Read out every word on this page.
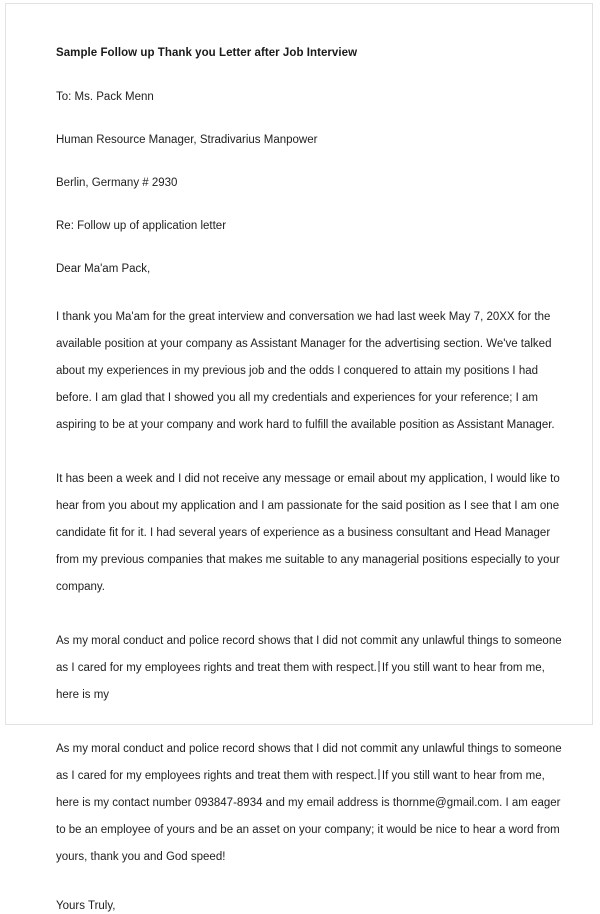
Sample Follow up Thank you Letter after Job Interview

To: Ms. Pack Menn

Human Resource Manager, Stradivarius Manpower

Berlin, Germany # 2930

Re: Follow up of application letter

Dear Ma'am Pack,

I thank you Ma'am for the great interview and conversation we had last week May 7, 20XX for the available position at your company as Assistant Manager for the advertising section. We've talked about my experiences in my previous job and the odds I conquered to attain my positions I had before. I am glad that I showed you all my credentials and experiences for your reference; I am aspiring to be at your company and work hard to fulfill the available position as Assistant Manager.

It has been a week and I did not receive any message or email about my application, I would like to hear from you about my application and I am passionate for the said position as I see that I am one candidate fit for it. I had several years of experience as a business consultant and Head Manager from my previous companies that makes me suitable to any managerial positions especially to your company.

As my moral conduct and police record shows that I did not commit any unlawful things to someone as I cared for my employees rights and treat them with respect. If you still want to hear from me, here is my

As my moral conduct and police record shows that I did not commit any unlawful things to someone as I cared for my employees rights and treat them with respect. If you still want to hear from me, here is my contact number 093847-8934 and my email address is thornme@gmail.com. I am eager to be an employee of yours and be an asset on your company; it would be nice to hear a word from yours, thank you and God speed!

Yours Truly,
